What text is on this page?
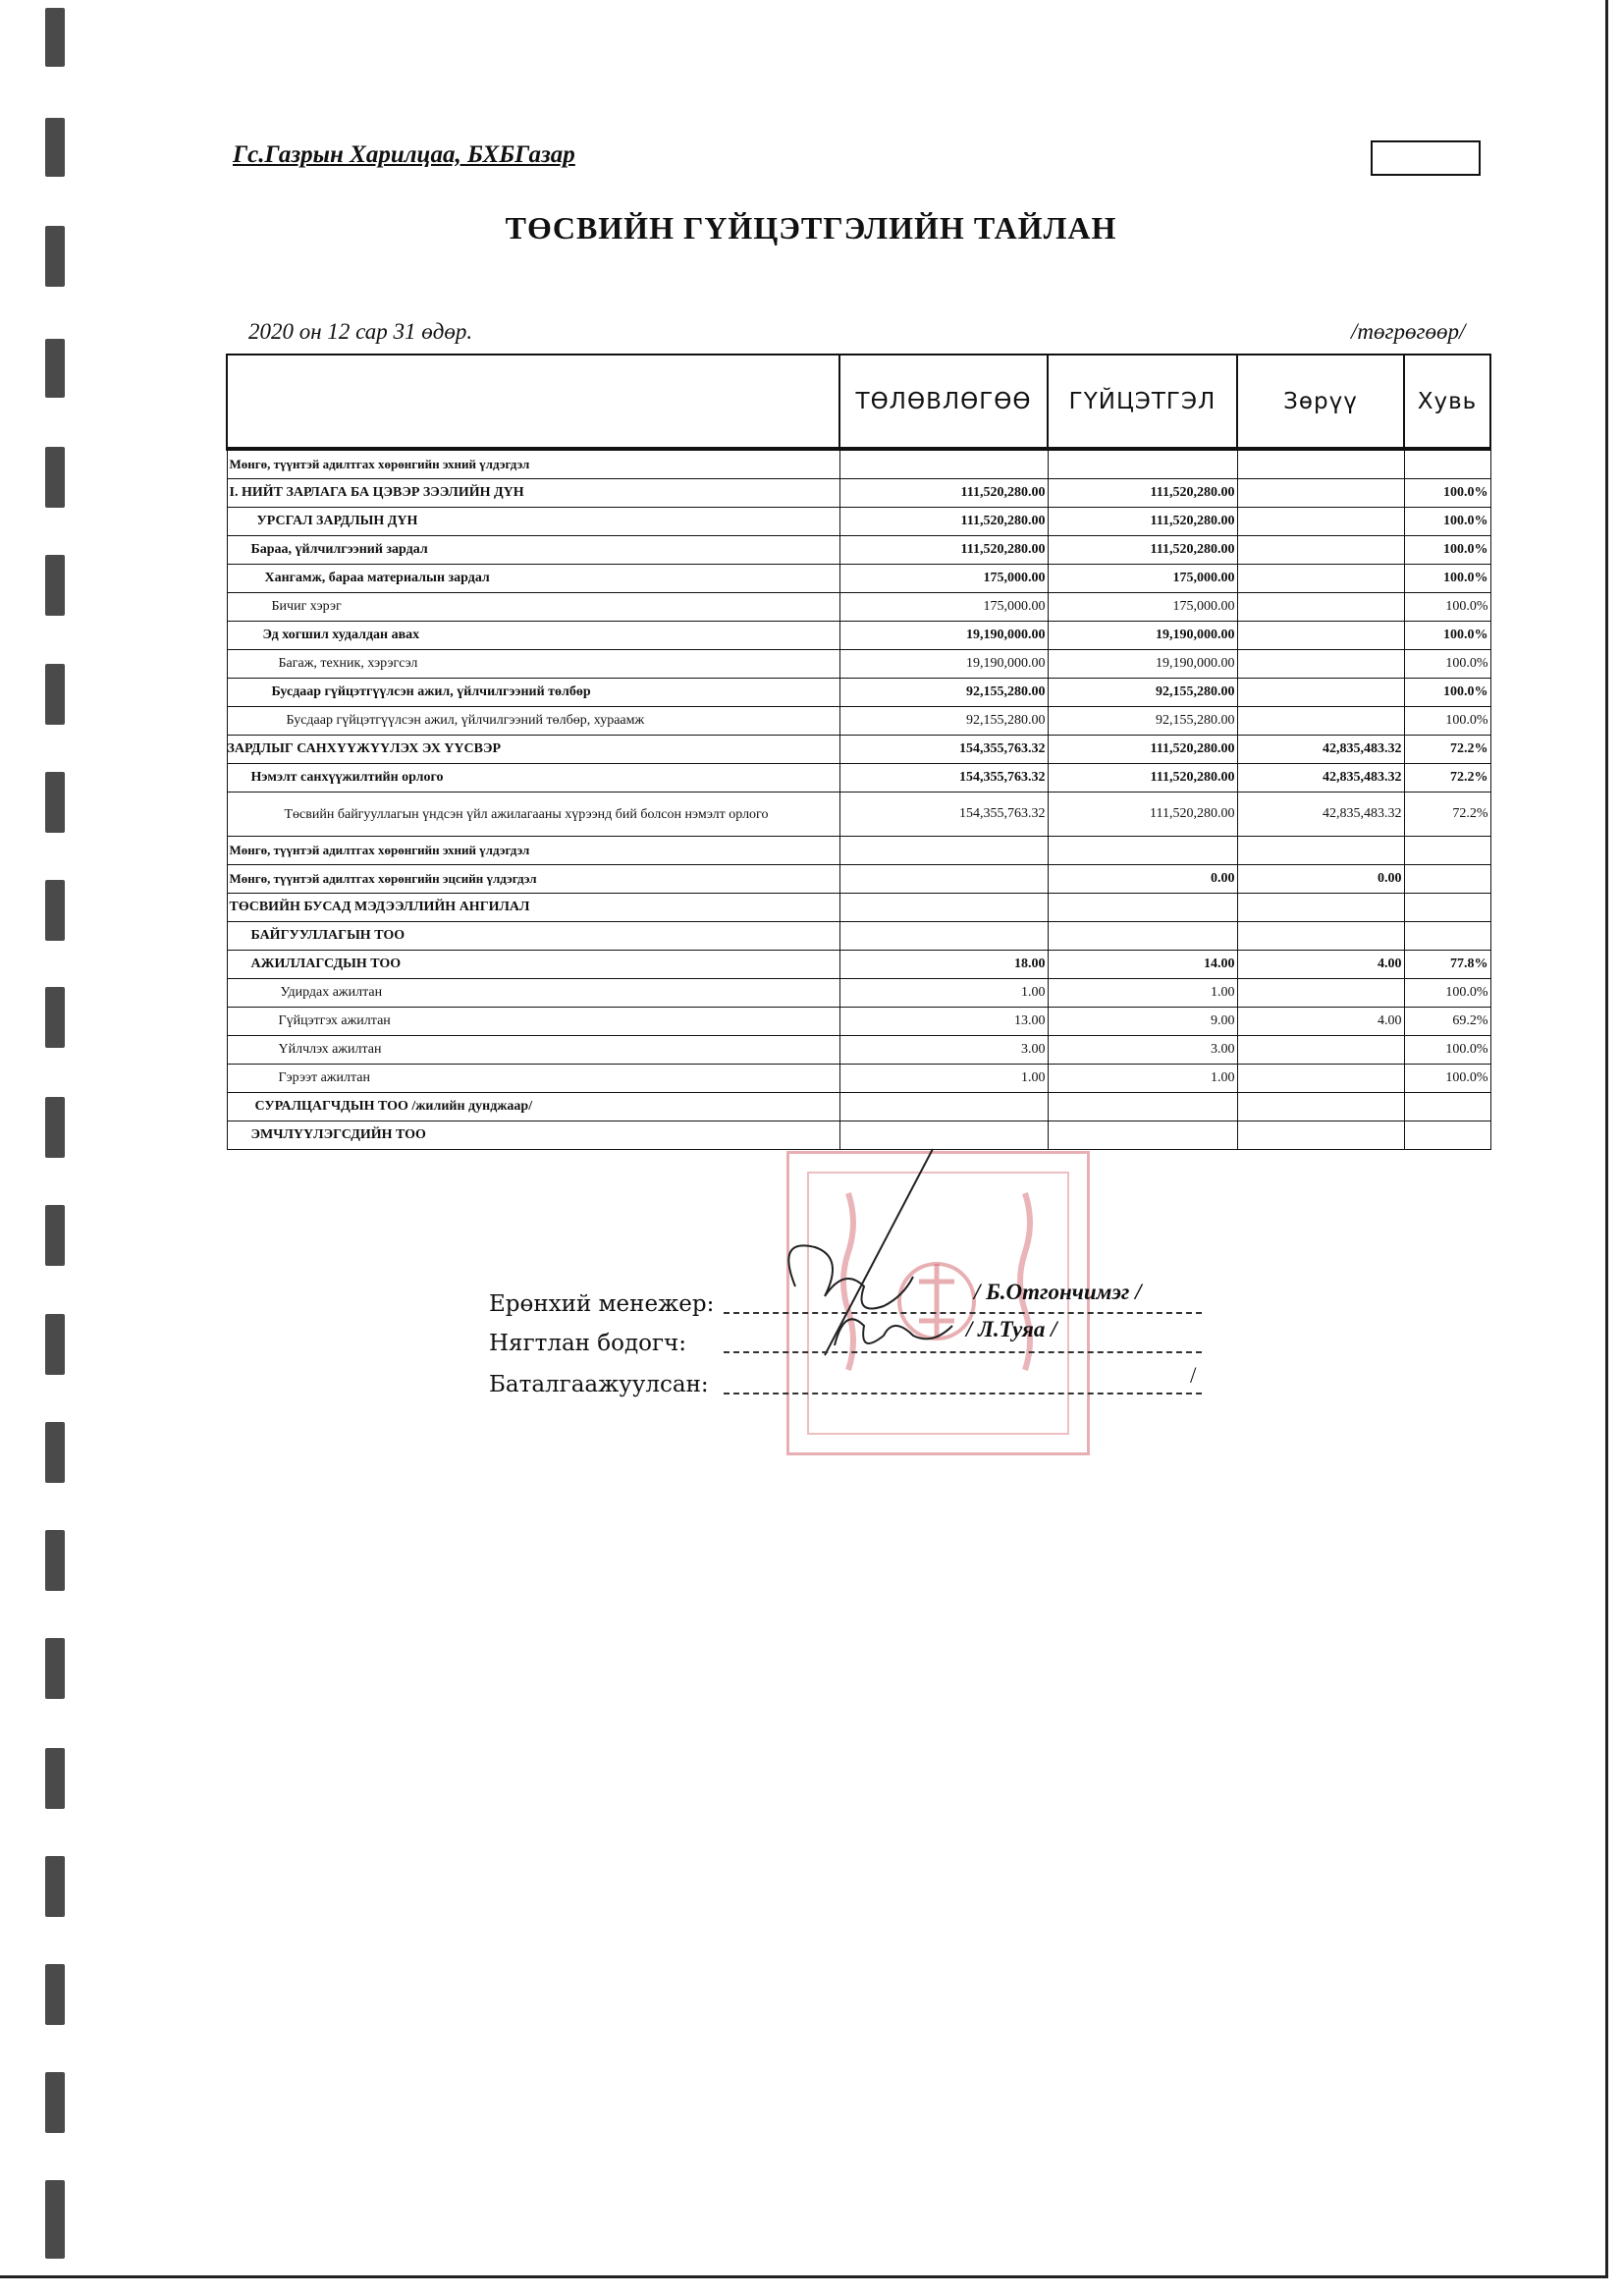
Гс.Газрын Харилцаа, БХБГазар
ТӨСВИЙН ГҮЙЦЭТГЭЛИЙН ТАЙЛАН
2020 он 12 сар 31 өдөр.	/төгрөгөөр/
	ТӨЛӨВЛӨГӨӨ	ГҮЙЦЭТГЭЛ	Зөрүү	Хувь
Мөнгө, түүнтэй адилтгах хөрөнгийн эхний үлдэгдэл				
I. НИЙТ ЗАРЛАГА БА ЦЭВЭР ЗЭЭЛИЙН ДҮН	111,520,280.00	111,520,280.00		100.0%
УРСГАЛ ЗАРДЛЫН ДҮН	111,520,280.00	111,520,280.00		100.0%
Бараа, үйлчилгээний зардал	111,520,280.00	111,520,280.00		100.0%
Хангамж, бараа материалын зардал	175,000.00	175,000.00		100.0%
Бичиг хэрэг	175,000.00	175,000.00		100.0%
Эд хогшил худалдан авах	19,190,000.00	19,190,000.00		100.0%
Багаж, техник, хэрэгсэл	19,190,000.00	19,190,000.00		100.0%
Бусдаар гүйцэтгүүлсэн ажил, үйлчилгээний төлбөр	92,155,280.00	92,155,280.00		100.0%
Бусдаар гүйцэтгүүлсэн ажил, үйлчилгээний төлбөр, хураамж	92,155,280.00	92,155,280.00		100.0%
ЗАРДЛЫГ САНХҮҮЖҮҮЛЭХ ЭХ ҮҮСВЭР	154,355,763.32	111,520,280.00	42,835,483.32	72.2%
Нэмэлт санхүүжилтийн орлого	154,355,763.32	111,520,280.00	42,835,483.32	72.2%

Төсвийн байгууллагын үндсэн үйл ажилагааны хүрээнд бий болсон нэмэлт орлого	154,355,763.32	111,520,280.00	42,835,483.32	72.2%
Мөнгө, түүнтэй адилтгах хөрөнгийн эхний үлдэгдэл				
Мөнгө, түүнтэй адилтгах хөрөнгийн эцсийн үлдэгдэл		0.00	0.00	
ТӨСВИЙН БУСАД МЭДЭЭЛЛИЙН АНГИЛАЛ				
БАЙГУУЛЛАГЫН ТОО				
АЖИЛЛАГСДЫН ТОО	18.00	14.00	4.00	77.8%
Удирдах ажилтан	1.00	1.00		100.0%
Гүйцэтгэх ажилтан	13.00	9.00	4.00	69.2%
Үйлчлэх ажилтан	3.00	3.00		100.0%
Гэрээт ажилтан	1.00	1.00		100.0%
СУРАЛЦАГЧДЫН ТОО /жилийн дунджаар/				
ЭМЧЛҮҮЛЭГСДИЙН ТОО				
Ерөнхий менежер:	/ Б.Отгончимэг /
Нягтлан бодогч:
/ Л.Туяа /
Баталгаажуулсан:	/
